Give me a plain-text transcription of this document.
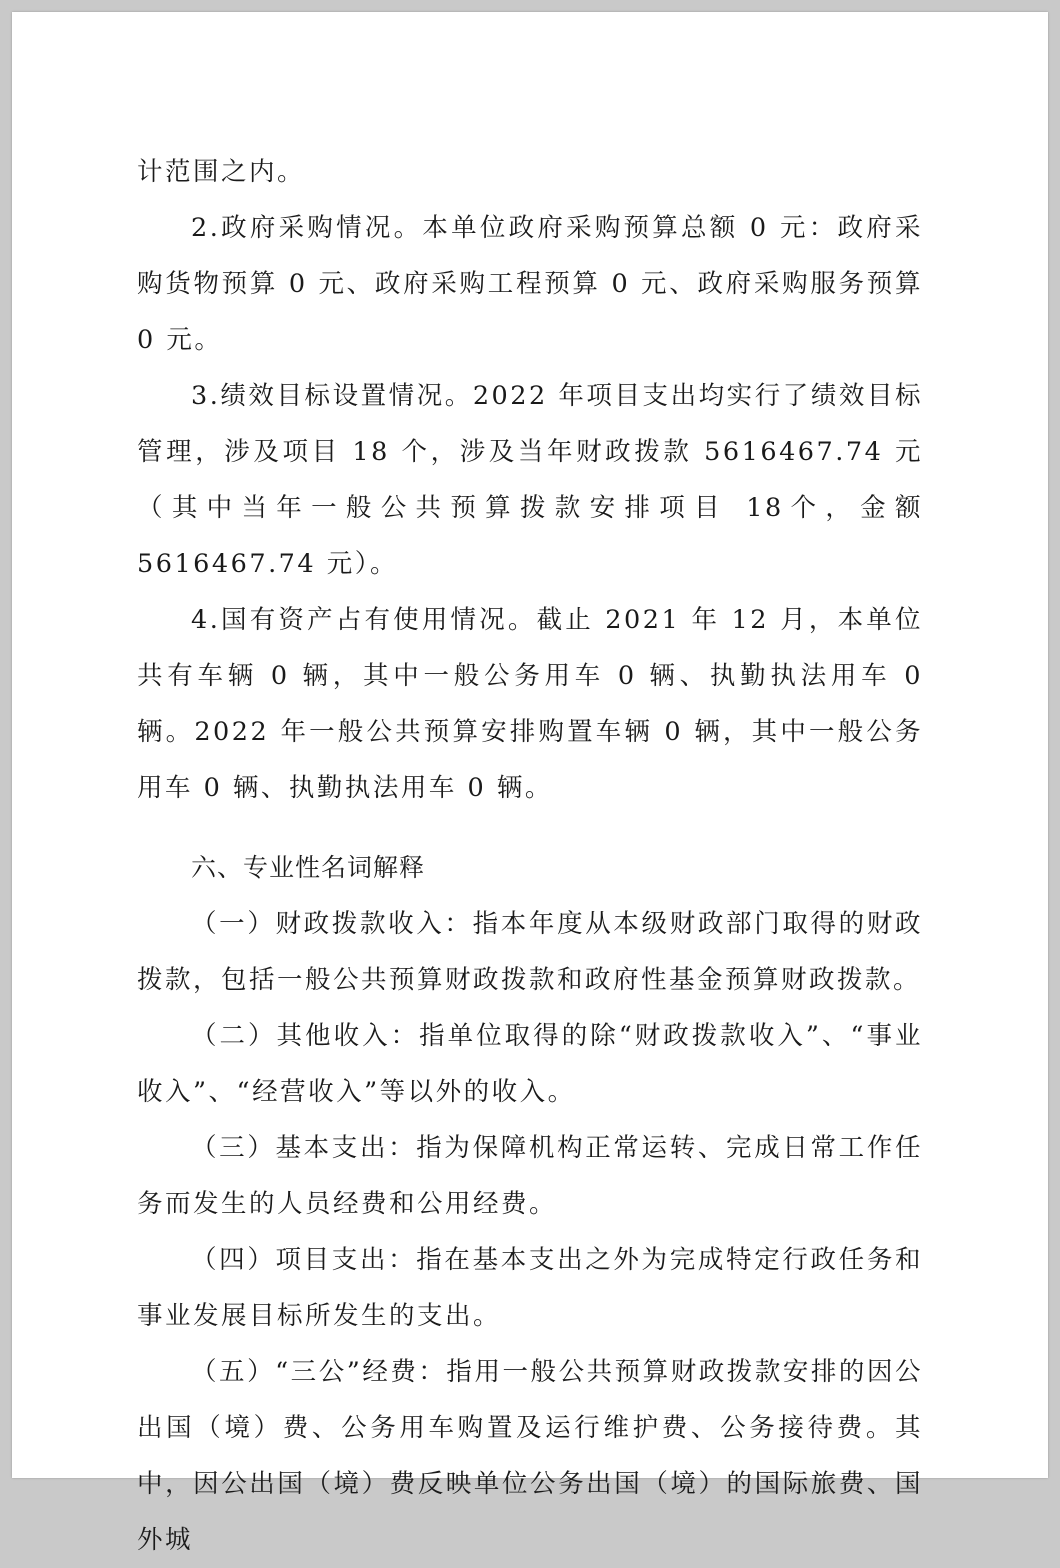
计范围之内。

2.政府采购情况。本单位政府采购预算总额 0 元：政府采购货物预算 0 元、政府采购工程预算 0 元、政府采购服务预算 0 元。

3.绩效目标设置情况。2022 年项目支出均实行了绩效目标管理，涉及项目 18 个，涉及当年财政拨款 5616467.74 元（其中当年一般公共预算拨款安排项目 18个，金额 5616467.74 元）。

4.国有资产占有使用情况。截止 2021 年 12 月，本单位共有车辆 0 辆，其中一般公务用车 0 辆、执勤执法用车 0 辆。2022 年一般公共预算安排购置车辆 0 辆，其中一般公务用车 0 辆、执勤执法用车 0 辆。

六、专业性名词解释

（一）财政拨款收入：指本年度从本级财政部门取得的财政拨款，包括一般公共预算财政拨款和政府性基金预算财政拨款。

（二）其他收入：指单位取得的除“财政拨款收入”、“事业收入”、“经营收入”等以外的收入。

（三）基本支出：指为保障机构正常运转、完成日常工作任务而发生的人员经费和公用经费。

（四）项目支出：指在基本支出之外为完成特定行政任务和事业发展目标所发生的支出。

（五）“三公”经费：指用一般公共预算财政拨款安排的因公出国（境）费、公务用车购置及运行维护费、公务接待费。其中，因公出国（境）费反映单位公务出国（境）的国际旅费、国外城
